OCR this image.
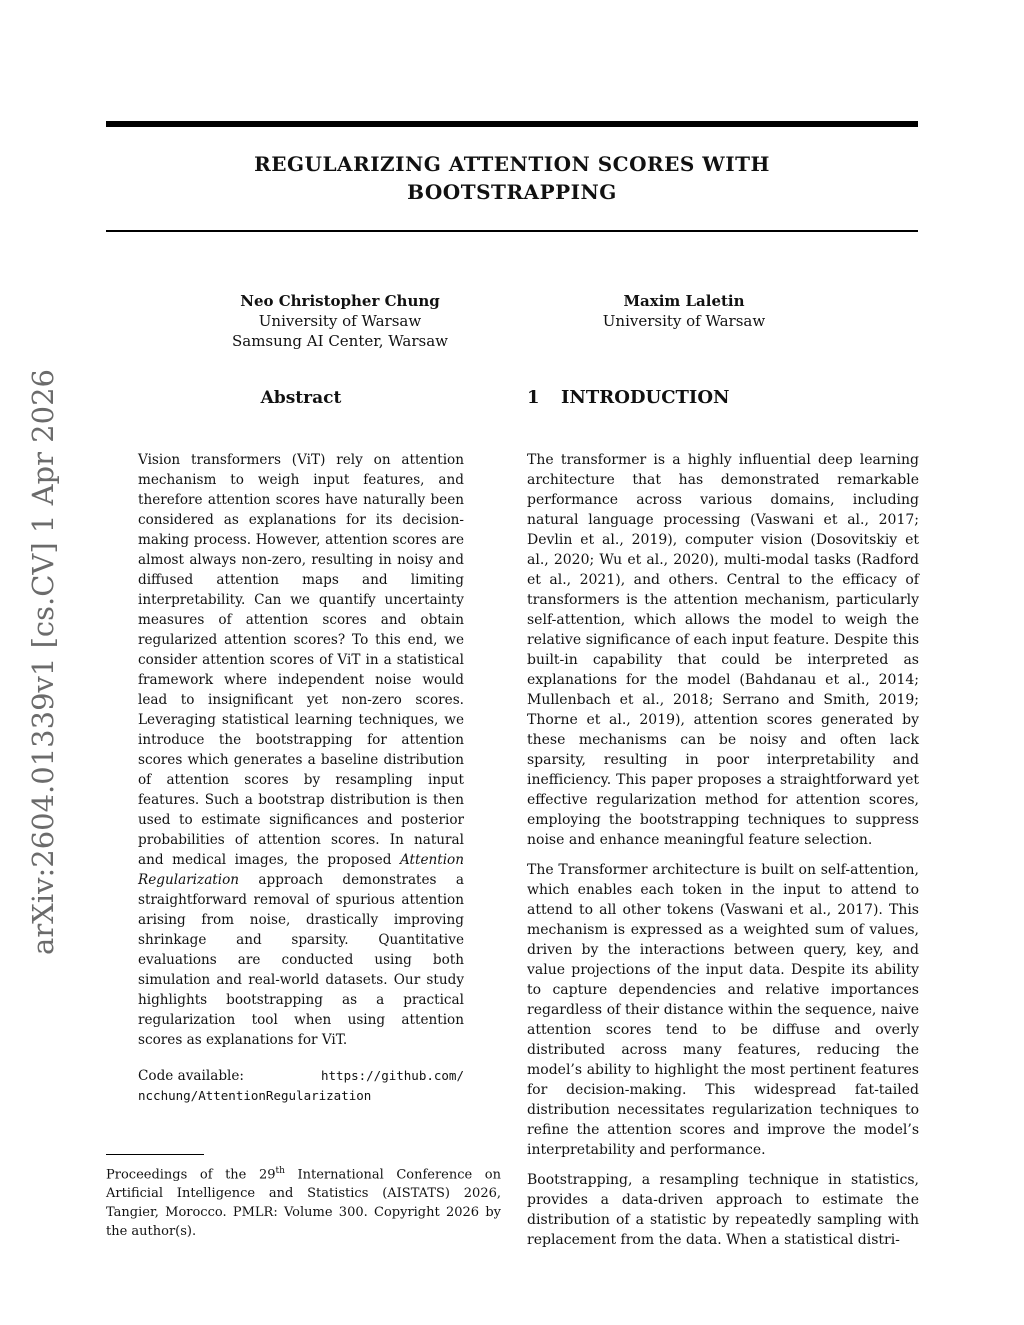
REGULARIZING ATTENTION SCORES WITH
BOOTSTRAPPING
Neo Christopher Chung
University of Warsaw
Samsung AI Center, Warsaw
Maxim Laletin
University of Warsaw
arXiv:2604.01339v1 [cs.CV] 1 Apr 2026	Abstract

Vision transformers (ViT) rely on attention mechanism to weigh input features, and therefore attention scores have naturally been considered as explanations for its decision-making process. However, attention scores are almost always non-zero, resulting in noisy and diffused attention maps and limiting interpretability. Can we quantify uncertainty measures of attention scores and obtain regularized attention scores? To this end, we consider attention scores of ViT in a statistical framework where independent noise would lead to insignificant yet non-zero scores. Leveraging statistical learning techniques, we introduce the bootstrapping for attention scores which generates a baseline distribution of attention scores by resampling input features. Such a bootstrap distribution is then used to estimate significances and posterior probabilities of attention scores. In natural and medical images, the proposed Attention Regularization approach demonstrates a straightforward removal of spurious attention arising from noise, drastically improving shrinkage and sparsity. Quantitative evaluations are conducted using both simulation and real-world datasets. Our study highlights bootstrapping as a practical regularization tool when using attention scores as explanations for ViT.

Code available:	https://github.com/
ncchung/AttentionRegularization
1 INTRODUCTION

The transformer is a highly influential deep learning architecture that has demonstrated remarkable performance across various domains, including natural language processing (Vaswani et al., 2017; Devlin et al., 2019), computer vision (Dosovitskiy et al., 2020; Wu et al., 2020), multi-modal tasks (Radford et al., 2021), and others. Central to the efficacy of transformers is the attention mechanism, particularly self-attention, which allows the model to weigh the relative significance of each input feature. Despite this built-in capability that could be interpreted as explanations for the model (Bahdanau et al., 2014; Mullenbach et al., 2018; Serrano and Smith, 2019; Thorne et al., 2019), attention scores generated by these mechanisms can be noisy and often lack sparsity, resulting in poor interpretability and inefficiency. This paper proposes a straightforward yet effective regularization method for attention scores, employing the bootstrapping techniques to suppress noise and enhance meaningful feature selection.

The Transformer architecture is built on self-attention, which enables each token in the input to attend to attend to all other tokens (Vaswani et al., 2017). This mechanism is expressed as a weighted sum of values, driven by the interactions between query, key, and value projections of the input data. Despite its ability to capture dependencies and relative importances regardless of their distance within the sequence, naive attention scores tend to be diffuse and overly distributed across many features, reducing the model’s ability to highlight the most pertinent features for decision-making. This widespread fat-tailed distribution necessitates regularization techniques to refine the attention scores and improve the model’s interpretability and performance.

Bootstrapping, a resampling technique in statistics, provides a data-driven approach to estimate the distribution of a statistic by repeatedly sampling with replacement from the data. When a statistical distri-

Proceedings of the 29th International Conference on Artificial Intelligence and Statistics (AISTATS) 2026, Tangier, Morocco. PMLR: Volume 300. Copyright 2026 by the author(s).
